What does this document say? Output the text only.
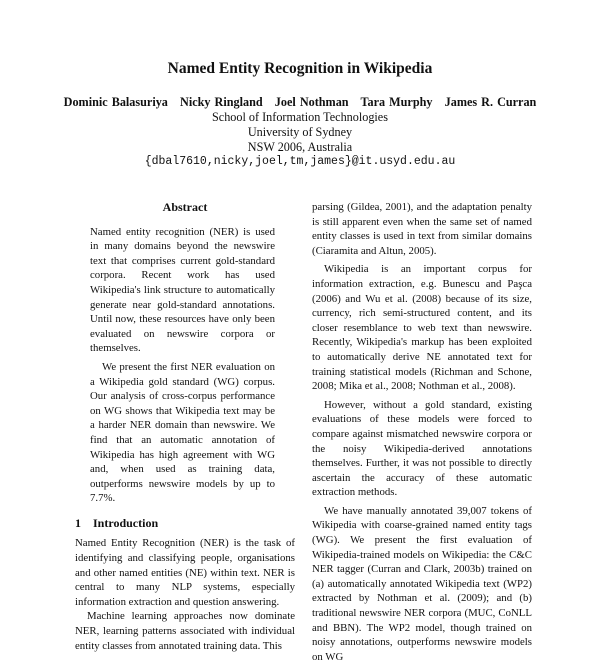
Named Entity Recognition in Wikipedia
Dominic Balasuriya   Nicky Ringland   Joel Nothman   Tara Murphy   James R. Curran
School of Information Technologies
University of Sydney
NSW 2006, Australia
{dbal7610,nicky,joel,tm,james}@it.usyd.edu.au
Abstract

Named entity recognition (NER) is used in many domains beyond the newswire text that comprises current gold-standard corpora. Recent work has used Wikipedia's link structure to automatically generate near gold-standard annotations. Until now, these resources have only been evaluated on newswire corpora or themselves.

We present the first NER evaluation on a Wikipedia gold standard (WG) corpus. Our analysis of cross-corpus performance on WG shows that Wikipedia text may be a harder NER domain than newswire. We find that an automatic annotation of Wikipedia has high agreement with WG and, when used as training data, outperforms newswire models by up to 7.7%.

1 Introduction

Named Entity Recognition (NER) is the task of identifying and classifying people, organisations and other named entities (NE) within text. NER is central to many NLP systems, especially information extraction and question answering.

Machine learning approaches now dominate NER, learning patterns associated with individual entity classes from annotated training data. This

parsing (Gildea, 2001), and the adaptation penalty is still apparent even when the same set of named entity classes is used in text from similar domains (Ciaramita and Altun, 2005).

Wikipedia is an important corpus for information extraction, e.g. Bunescu and Paşca (2006) and Wu et al. (2008) because of its size, currency, rich semi-structured content, and its closer resemblance to web text than newswire. Recently, Wikipedia's markup has been exploited to automatically derive NE annotated text for training statistical models (Richman and Schone, 2008; Mika et al., 2008; Nothman et al., 2008).

However, without a gold standard, existing evaluations of these models were forced to compare against mismatched newswire corpora or the noisy Wikipedia-derived annotations themselves. Further, it was not possible to directly ascertain the accuracy of these automatic extraction methods.

We have manually annotated 39,007 tokens of Wikipedia with coarse-grained named entity tags (WG). We present the first evaluation of Wikipedia-trained models on Wikipedia: the C&C NER tagger (Curran and Clark, 2003b) trained on (a) automatically annotated Wikipedia text (WP2) extracted by Nothman et al. (2009); and (b) traditional newswire NER corpora (MUC, CoNLL and BBN). The WP2 model, though trained on noisy annotations, outperforms newswire models on WG
